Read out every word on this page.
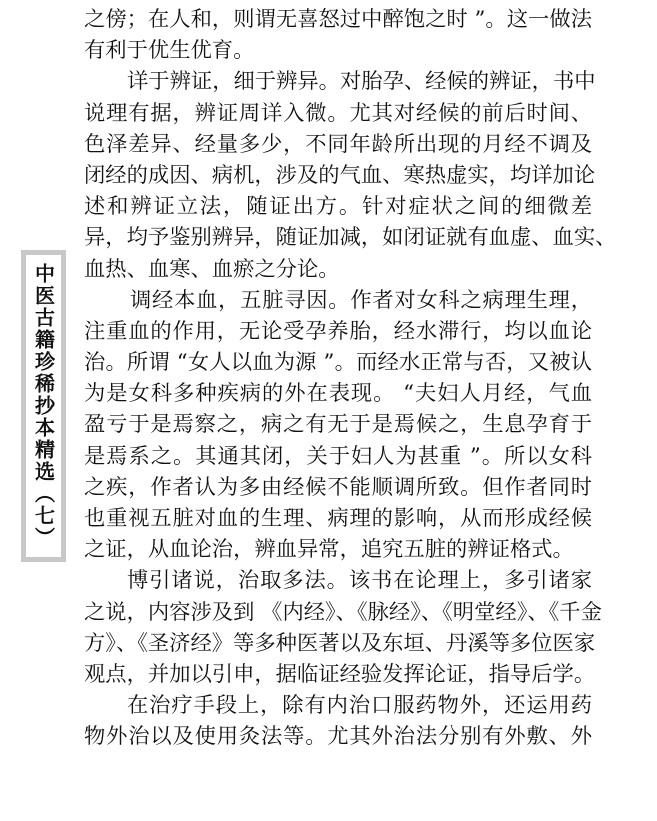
中医古籍珍稀抄本精选（七）
之傍；在人和，则谓无喜怒过中醉饱之时 ”。这一做法
有利于优生优育。
详于辨证，细于辨异。对胎孕、经候的辨证，书中
说理有据，辨证周详入微。尤其对经候的前后时间、
色泽差异、经量多少，不同年龄所出现的月经不调及
闭经的成因、病机，涉及的气血、寒热虚实，均详加论
述和辨证立法，随证出方。针对症状之间的细微差
异，均予鉴别辨异，随证加减，如闭证就有血虚、血实、
血热、血寒、血瘀之分论。
调经本血，五脏寻因。作者对女科之病理生理，
注重血的作用，无论受孕养胎，经水滞行，均以血论
治。所谓 “女人以血为源 ”。而经水正常与否，又被认
为是女科多种疾病的外在表现。 “夫妇人月经，气血
盈亏于是焉察之，病之有无于是焉候之，生息孕育于
是焉系之。其通其闭，关于妇人为甚重 ”。所以女科
之疾，作者认为多由经候不能顺调所致。但作者同时
也重视五脏对血的生理、病理的影响，从而形成经候
之证，从血论治，辨血异常，追究五脏的辨证格式。
博引诸说，治取多法。该书在论理上，多引诸家
之说，内容涉及到 《内经》、《脉经》、《明堂经》、《千金
方》、《圣济经》等多种医著以及东垣、丹溪等多位医家
观点，并加以引申，据临证经验发挥论证，指导后学。
在治疗手段上，除有内治口服药物外，还运用药
物外治以及使用灸法等。尤其外治法分别有外敷、外
